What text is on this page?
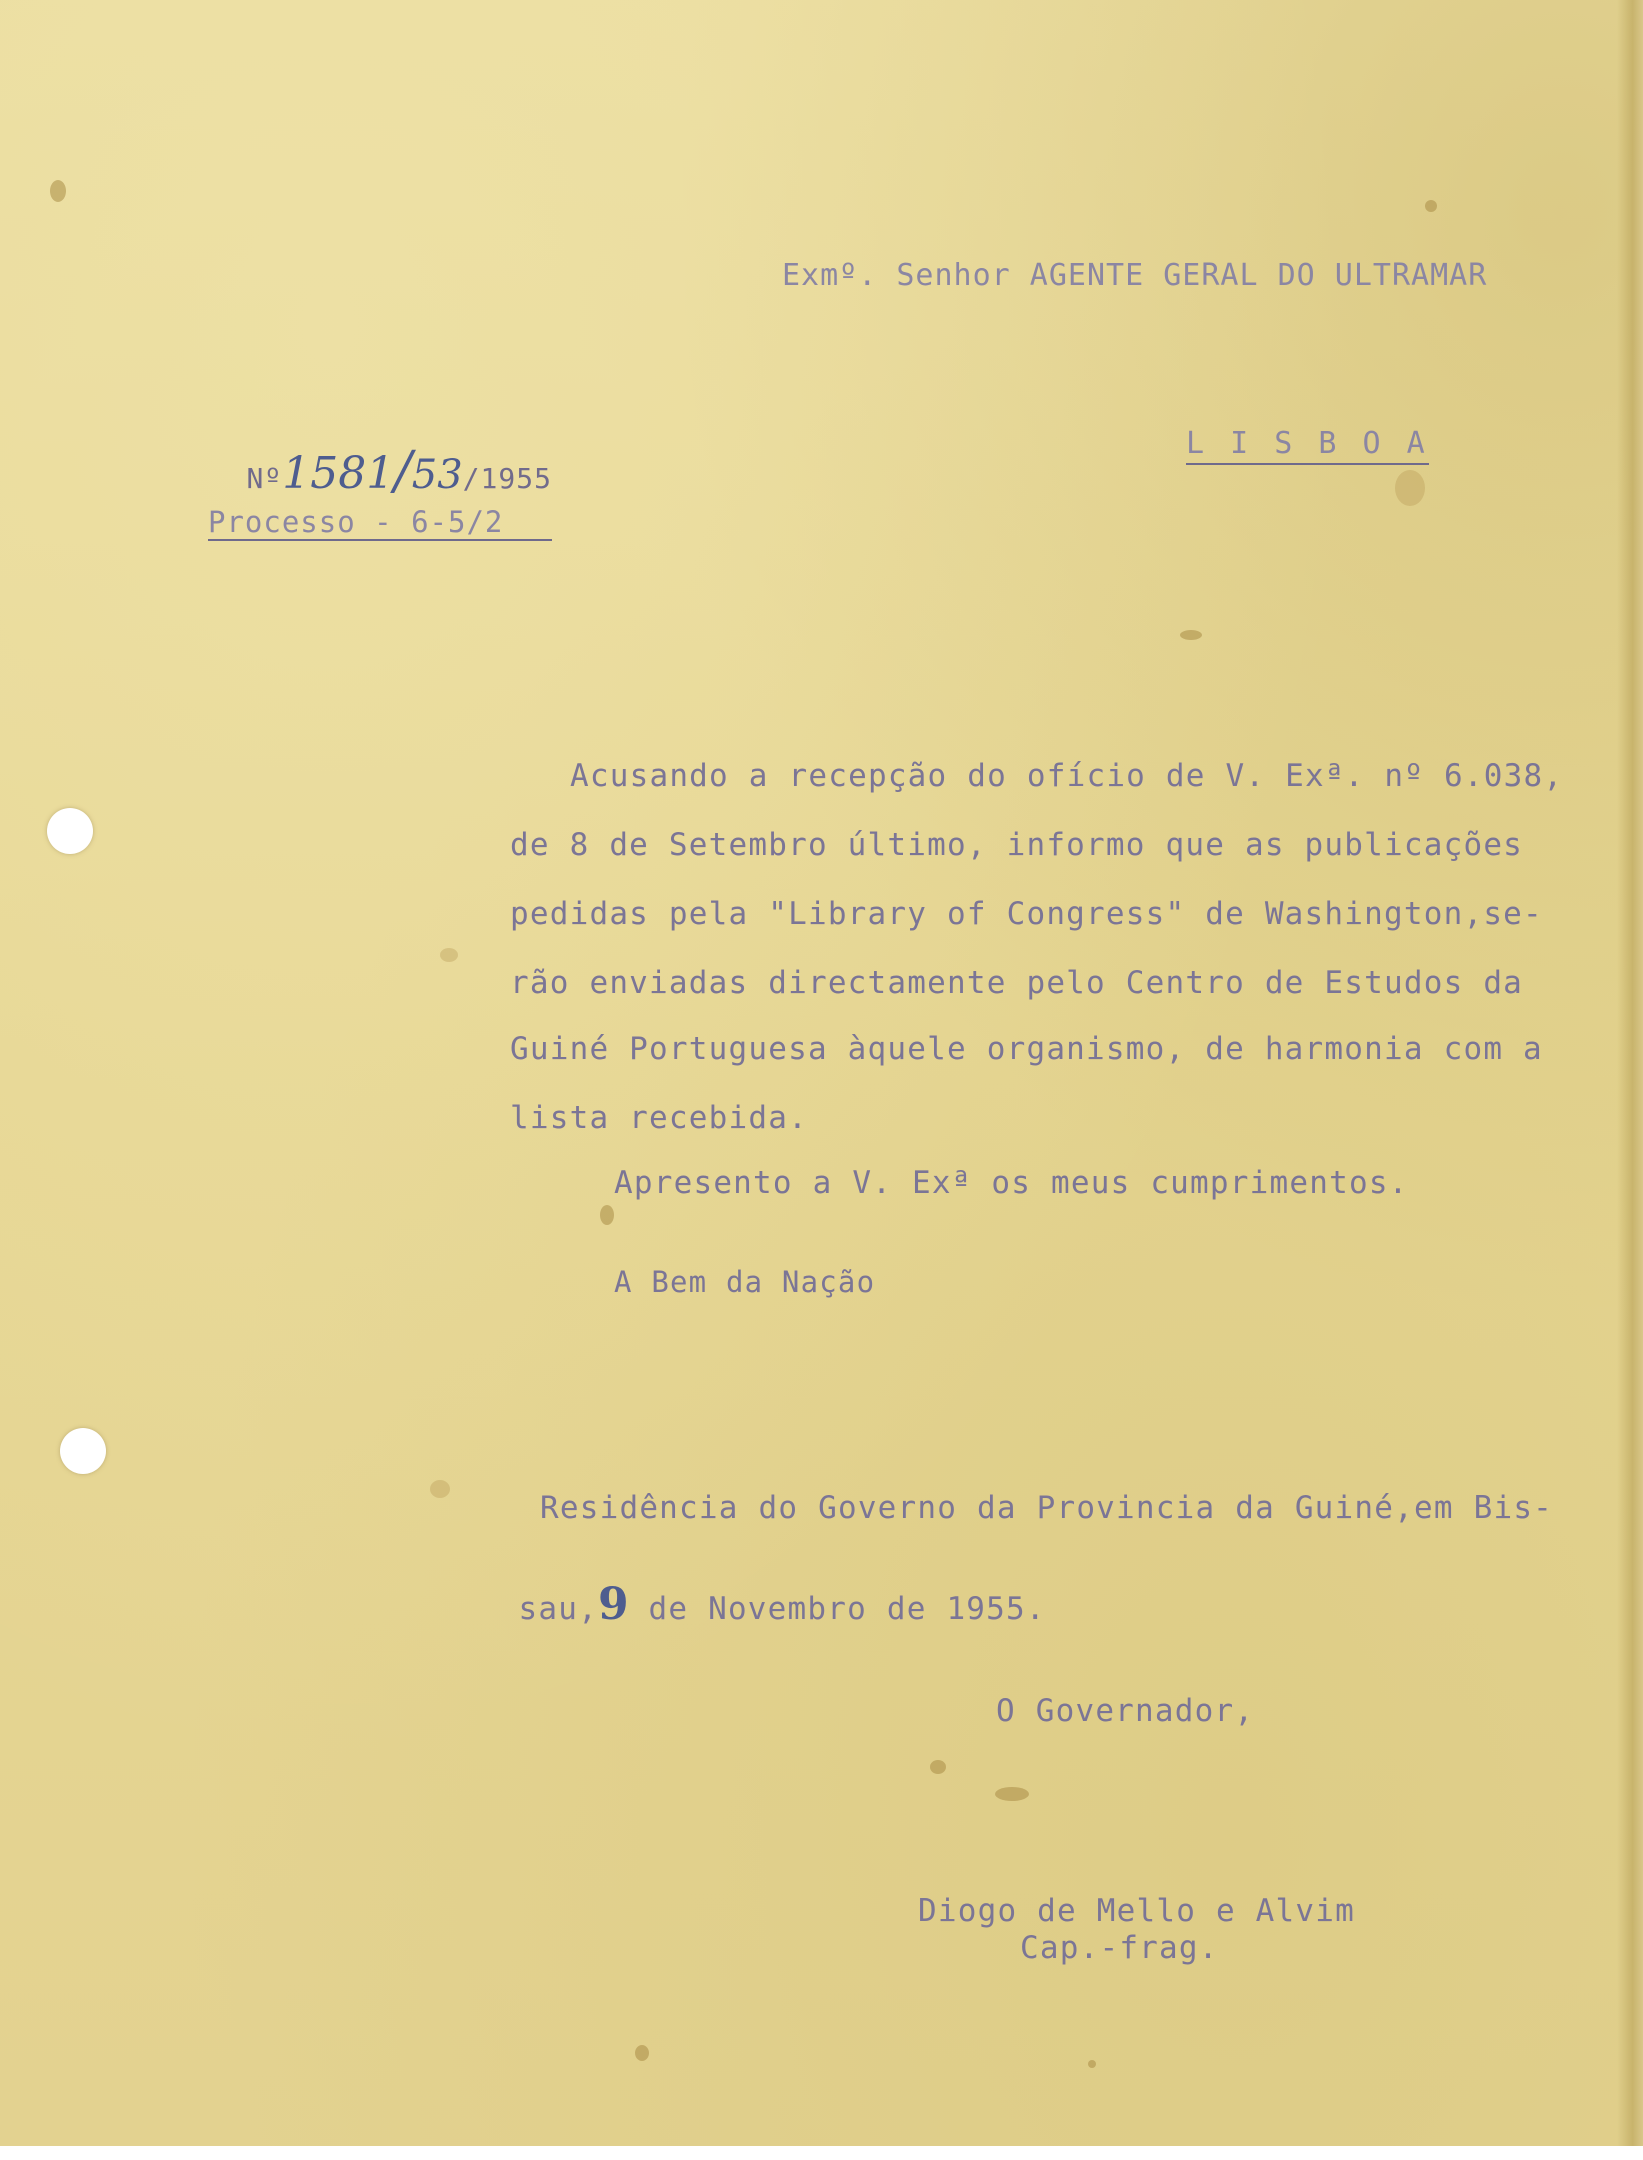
Exmº. Senhor AGENTE GERAL DO ULTRAMAR
L I S B O A

Nº1581/53/1955

Processo - 6-5/2
Acusando a recepção do ofício de V. Exª. nº 6.038,
de 8 de Setembro último, informo que as publicações
pedidas pela "Library of Congress" de Washington,se-
rão enviadas directamente pelo Centro de Estudos da
Guiné Portuguesa àquele organismo, de harmonia com a
lista recebida.
Apresento a V. Exª os meus cumprimentos.
A Bem da Nação
Residência do Governo da Provincia da Guiné,em Bis-

sau,9 de Novembro de 1955.

O Governador,
Diogo de Mello e Alvim
Cap.-frag.
